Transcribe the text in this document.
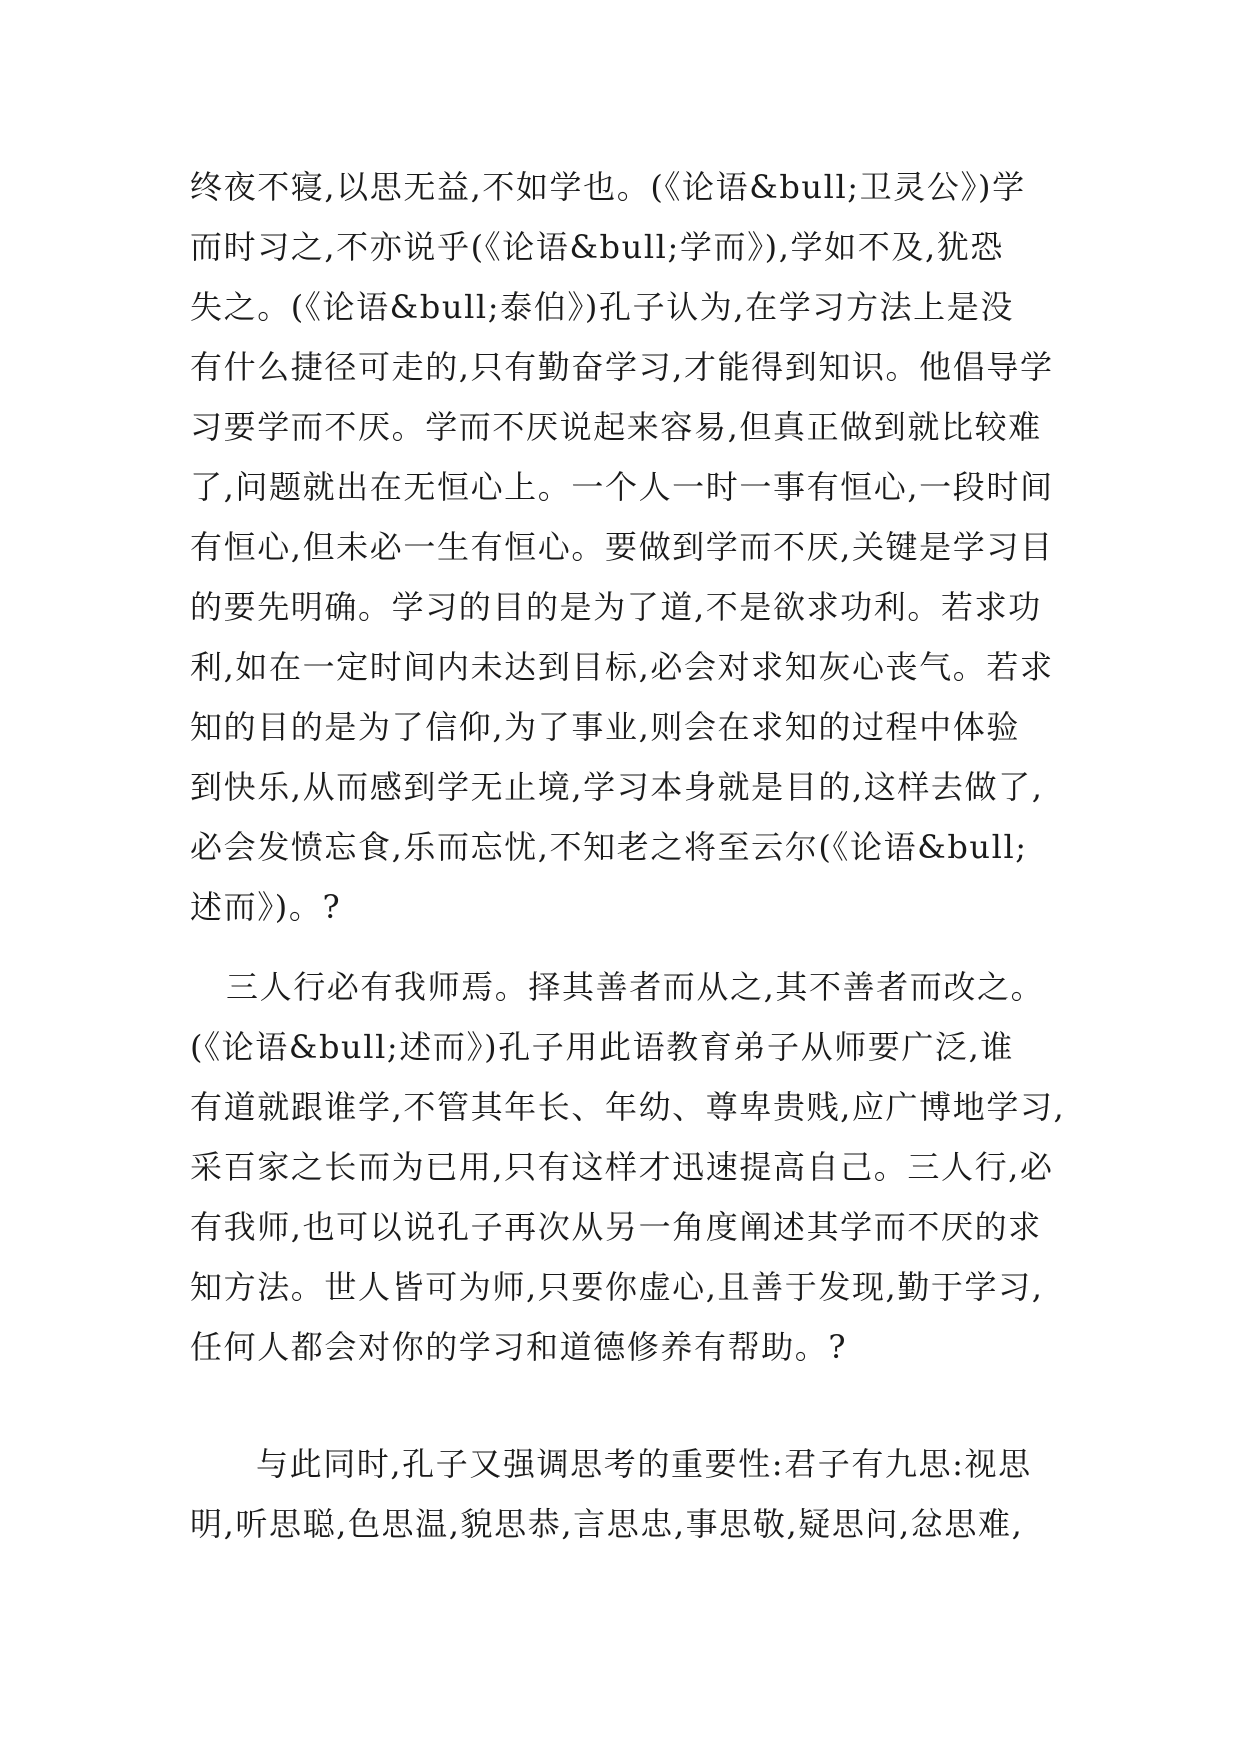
终夜不寝,以思无益,不如学也。(《论语&bull;卫灵公》)学
而时习之,不亦说乎(《论语&bull;学而》),学如不及,犹恐
失之。(《论语&bull;泰伯》)孔子认为,在学习方法上是没
有什么捷径可走的,只有勤奋学习,才能得到知识。他倡导学
习要学而不厌。学而不厌说起来容易,但真正做到就比较难
了,问题就出在无恒心上。一个人一时一事有恒心,一段时间
有恒心,但未必一生有恒心。要做到学而不厌,关键是学习目
的要先明确。学习的目的是为了道,不是欲求功利。若求功
利,如在一定时间内未达到目标,必会对求知灰心丧气。若求
知的目的是为了信仰,为了事业,则会在求知的过程中体验
到快乐,从而感到学无止境,学习本身就是目的,这样去做了,
必会发愤忘食,乐而忘忧,不知老之将至云尔(《论语&bull;
述而》)。?
三人行必有我师焉。择其善者而从之,其不善者而改之。
(《论语&bull;述而》)孔子用此语教育弟子从师要广泛,谁
有道就跟谁学,不管其年长、年幼、尊卑贵贱,应广博地学习,
采百家之长而为已用,只有这样才迅速提高自己。三人行,必
有我师,也可以说孔子再次从另一角度阐述其学而不厌的求
知方法。世人皆可为师,只要你虚心,且善于发现,勤于学习,
任何人都会对你的学习和道德修养有帮助。?
与此同时,孔子又强调思考的重要性:君子有九思:视思
明,听思聪,色思温,貌思恭,言思忠,事思敬,疑思问,忿思难,
